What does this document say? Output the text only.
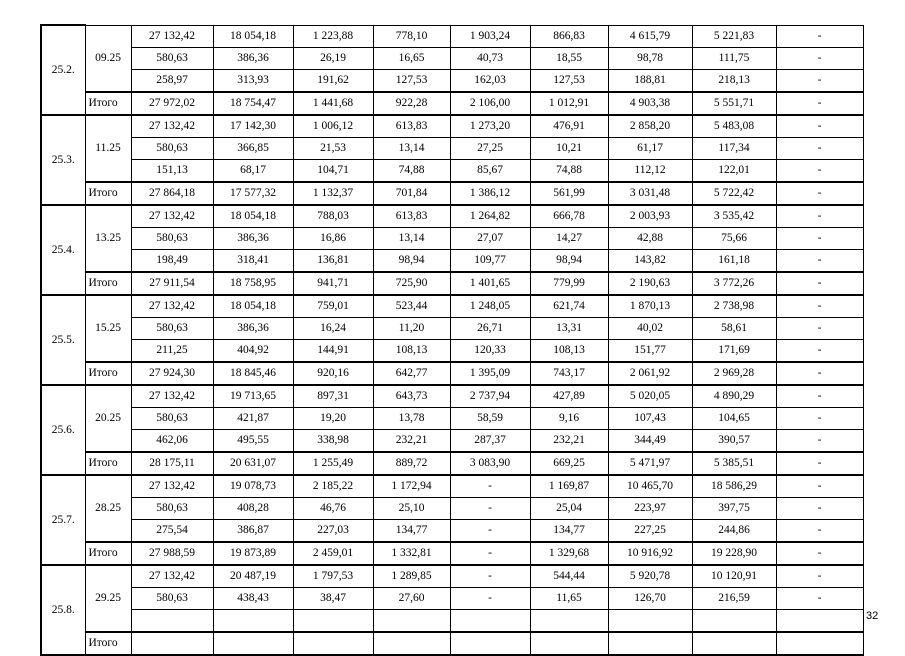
25.2.	09.25	27 132,42	18 054,18	1 223,88	778,10	1 903,24	866,83	4 615,79	5 221,83	-
		580,63	386,36	26,19	16,65	40,73	18,55	98,78	111,75	-
		258,97	313,93	191,62	127,53	162,03	127,53	188,81	218,13	-
	Итого	27 972,02	18 754,47	1 441,68	922,28	2 106,00	1 012,91	4 903,38	5 551,71	-
25.3.	11.25	27 132,42	17 142,30	1 006,12	613,83	1 273,20	476,91	2 858,20	5 483,08	-
		580,63	366,85	21,53	13,14	27,25	10,21	61,17	117,34	-
		151,13	68,17	104,71	74,88	85,67	74,88	112,12	122,01	-
	Итого	27 864,18	17 577,32	1 132,37	701,84	1 386,12	561,99	3 031,48	5 722,42	-
25.4.	13.25	27 132,42	18 054,18	788,03	613,83	1 264,82	666,78	2 003,93	3 535,42	-
		580,63	386,36	16,86	13,14	27,07	14,27	42,88	75,66	-
		198,49	318,41	136,81	98,94	109,77	98,94	143,82	161,18	-
	Итого	27 911,54	18 758,95	941,71	725,90	1 401,65	779,99	2 190,63	3 772,26	-
25.5.	15.25	27 132,42	18 054,18	759,01	523,44	1 248,05	621,74	1 870,13	2 738,98	-
		580,63	386,36	16,24	11,20	26,71	13,31	40,02	58,61	-
		211,25	404,92	144,91	108,13	120,33	108,13	151,77	171,69	-
	Итого	27 924,30	18 845,46	920,16	642,77	1 395,09	743,17	2 061,92	2 969,28	-
25.6.	20.25	27 132,42	19 713,65	897,31	643,73	2 737,94	427,89	5 020,05	4 890,29	-
		580,63	421,87	19,20	13,78	58,59	9,16	107,43	104,65	-
		462,06	495,55	338,98	232,21	287,37	232,21	344,49	390,57	-
	Итого	28 175,11	20 631,07	1 255,49	889,72	3 083,90	669,25	5 471,97	5 385,51	-
25.7.	28.25	27 132,42	19 078,73	2 185,22	1 172,94	-	1 169,87	10 465,70	18 586,29	-
		580,63	408,28	46,76	25,10	-	25,04	223,97	397,75	-
		275,54	386,87	227,03	134,77	-	134,77	227,25	244,86	-
	Итого	27 988,59	19 873,89	2 459,01	1 332,81	-	1 329,68	10 916,92	19 228,90	-
25.8.	29.25	27 132,42	20 487,19	1 797,53	1 289,85	-	544,44	5 920,78	10 120,91	-
		580,63	438,43	38,47	27,60	-	11,65	126,70	216,59	-

	Итого									
32
